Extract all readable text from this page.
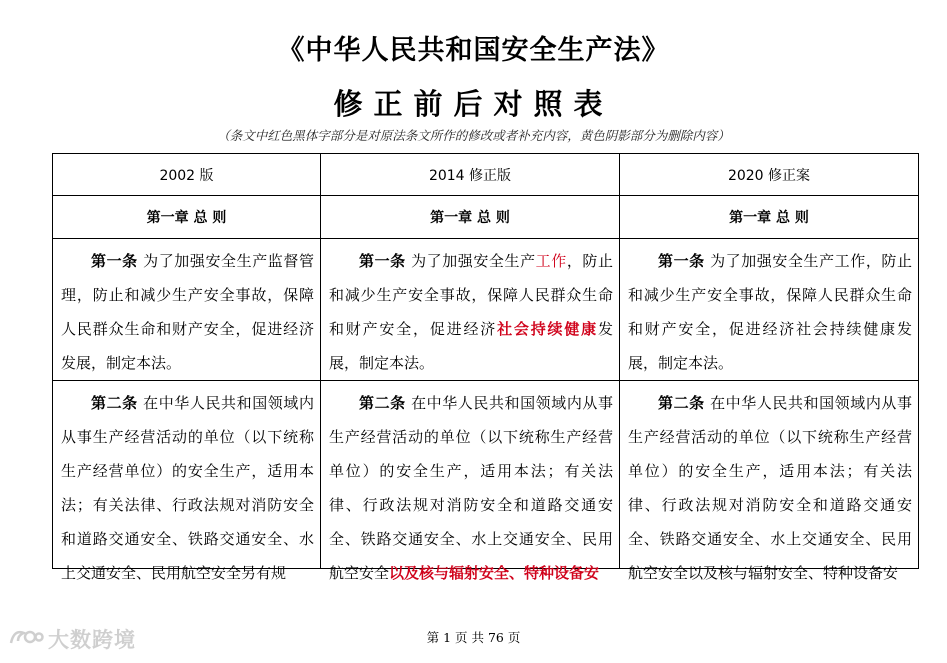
《中华人民共和国安全生产法》
修正前后对照表
（条文中红色黑体字部分是对原法条文所作的修改或者补充内容，黄色阴影部分为删除内容）
2002 版	2014 修正版	2020 修正案
第一章 总 则	第一章 总 则	第一章 总 则
第一条 为了加强安全生产监督管理，防止和减少生产安全事故，保障人民群众生命和财产安全，促进经济发展，制定本法。	第一条 为了加强安全生产工作，防止和减少生产安全事故，保障人民群众生命和财产安全，促进经济社会持续健康发展，制定本法。	第一条 为了加强安全生产工作，防止和减少生产安全事故，保障人民群众生命和财产安全，促进经济社会持续健康发展，制定本法。

第二条 在中华人民共和国领域内从事生产经营活动的单位（以下统称生产经营单位）的安全生产，适用本法；有关法律、行政法规对消防安全和道路交通安全、铁路交通安全、水上交通安全、民用航空安全另有规	第二条 在中华人民共和国领域内从事生产经营活动的单位（以下统称生产经营单位）的安全生产，适用本法；有关法律、行政法规对消防安全和道路交通安全、铁路交通安全、水上交通安全、民用航空安全以及核与辐射安全、特种设备安	第二条 在中华人民共和国领域内从事生产经营活动的单位（以下统称生产经营单位）的安全生产，适用本法；有关法律、行政法规对消防安全和道路交通安全、铁路交通安全、水上交通安全、民用航空安全以及核与辐射安全、特种设备安
第 1 页 共 76 页
大数跨境
